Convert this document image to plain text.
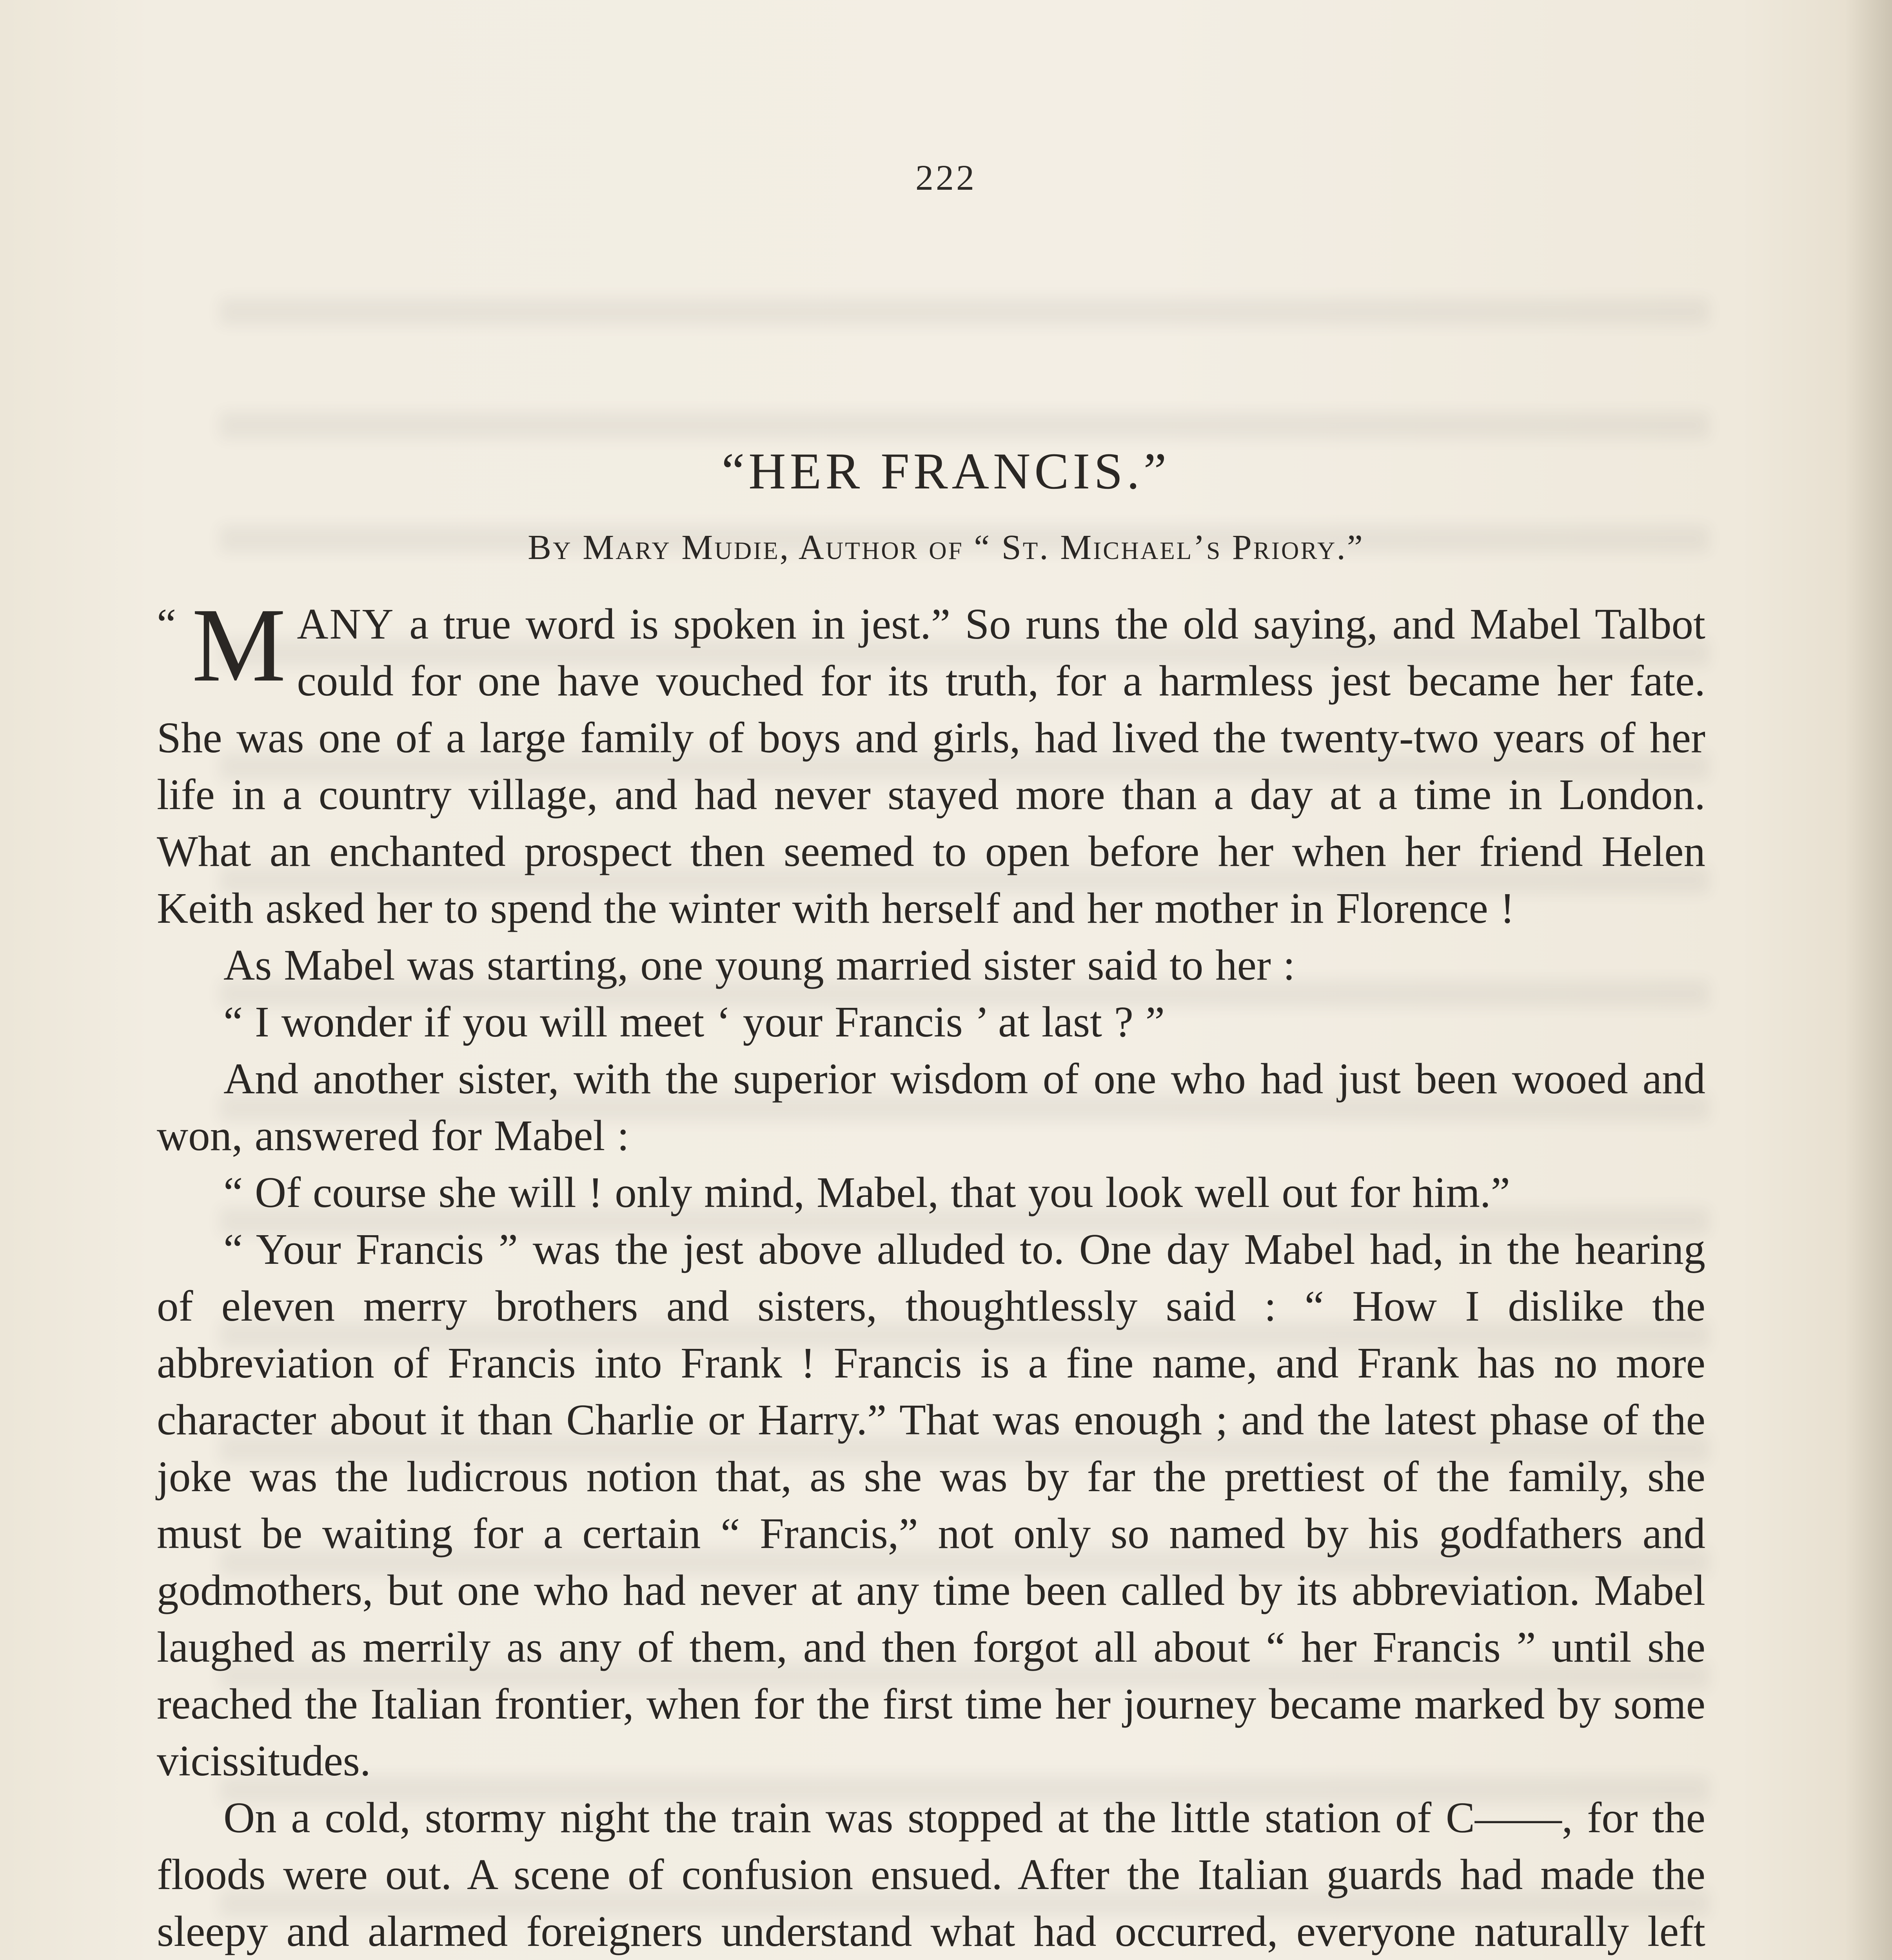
222
“HER FRANCIS.”
By Mary Mudie, Author of “ St. Michael’s Priory.”

“ M ANY a true word is spoken in jest.” So runs the old saying, and Mabel Talbot could for one have vouched for its truth, for a harmless jest became her fate. She was one of a large family of boys and girls, had lived the twenty-two years of her life in a country village, and had never stayed more than a day at a time in London. What an enchanted prospect then seemed to open before her when her friend Helen Keith asked her to spend the winter with herself and her mother in Florence !

As Mabel was starting, one young married sister said to her :

“ I wonder if you will meet ‘ your Francis ’ at last ? ”

And another sister, with the superior wisdom of one who had just been wooed and won, answered for Mabel :

“ Of course she will ! only mind, Mabel, that you look well out for him.”

“ Your Francis ” was the jest above alluded to. One day Mabel had, in the hearing of eleven merry brothers and sisters, thoughtlessly said : “ How I dislike the abbreviation of Francis into Frank ! Francis is a fine name, and Frank has no more character about it than Charlie or Harry.” That was enough ; and the latest phase of the joke was the ludicrous notion that, as she was by far the prettiest of the family, she must be waiting for a certain “ Francis,” not only so named by his godfathers and godmothers, but one who had never at any time been called by its abbreviation. Mabel laughed as merrily as any of them, and then forgot all about “ her Francis ” until she reached the Italian frontier, when for the first time her journey became marked by some vicissitudes.

On a cold, stormy night the train was stopped at the little station of C——, for the floods were out. A scene of confusion ensued. After the Italian guards had made the sleepy and alarmed foreigners understand what had occurred, everyone naturally left
